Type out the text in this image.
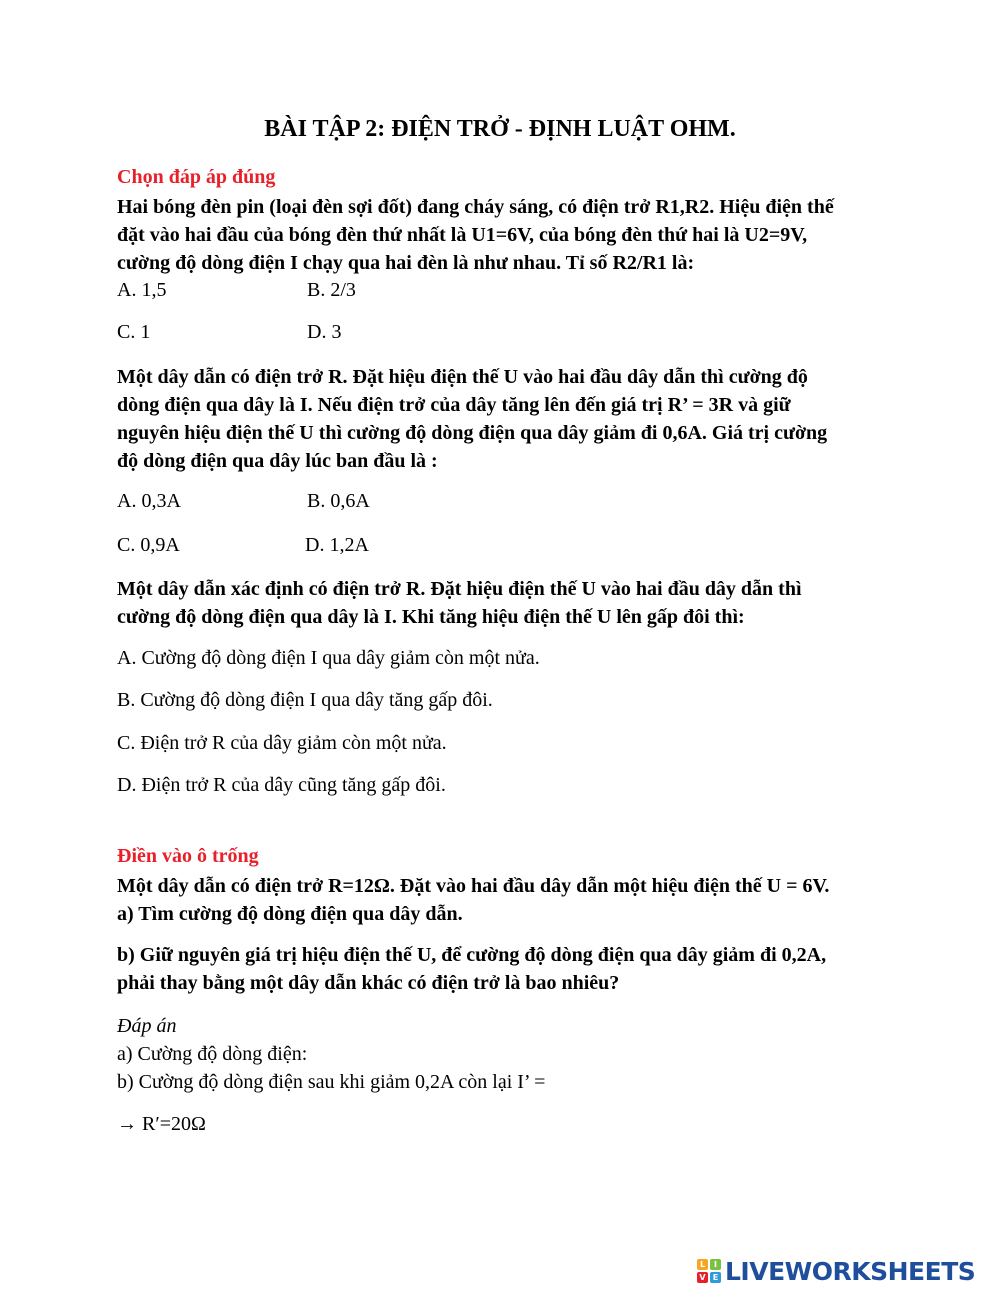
BÀI TẬP 2: ĐIỆN TRỞ - ĐỊNH LUẬT OHM.
Chọn đáp áp đúng
Hai bóng đèn pin (loại đèn sợi đốt) đang cháy sáng, có điện trở R1,R2. Hiệu điện thế
đặt vào hai đầu của bóng đèn thứ nhất là U1=6V, của bóng đèn thứ hai là U2=9V,
cường độ dòng điện I chạy qua hai đèn là như nhau. Tỉ số R2/R1 là:
A. 1,5	B. 2/3
C. 1	D. 3
Một dây dẫn có điện trở R. Đặt hiệu điện thế U vào hai đầu dây dẫn thì cường độ
dòng điện qua dây là I. Nếu điện trở của dây tăng lên đến giá trị R’ = 3R và giữ
nguyên hiệu điện thế U thì cường độ dòng điện qua dây giảm đi 0,6A. Giá trị cường
độ dòng điện qua dây lúc ban đầu là :
A. 0,3A	B. 0,6A
C. 0,9A	D. 1,2A
Một dây dẫn xác định có điện trở R. Đặt hiệu điện thế U vào hai đầu dây dẫn thì
cường độ dòng điện qua dây là I. Khi tăng hiệu điện thế U lên gấp đôi thì:
A. Cường độ dòng điện I qua dây giảm còn một nửa.
B. Cường độ dòng điện I qua dây tăng gấp đôi.
C. Điện trở R của dây giảm còn một nửa.
D. Điện trở R của dây cũng tăng gấp đôi.
Điền vào ô trống
Một dây dẫn có điện trở R=12Ω. Đặt vào hai đầu dây dẫn một hiệu điện thế U = 6V.
a) Tìm cường độ dòng điện qua dây dẫn.
b) Giữ nguyên giá trị hiệu điện thế U, để cường độ dòng điện qua dây giảm đi 0,2A,
phải thay bằng một dây dẫn khác có điện trở là bao nhiêu?
Đáp án
a) Cường độ dòng điện:
b) Cường độ dòng điện sau khi giảm 0,2A còn lại I’ =
→ R′=20Ω
L	I
V E LIVEWORKSHEETS
